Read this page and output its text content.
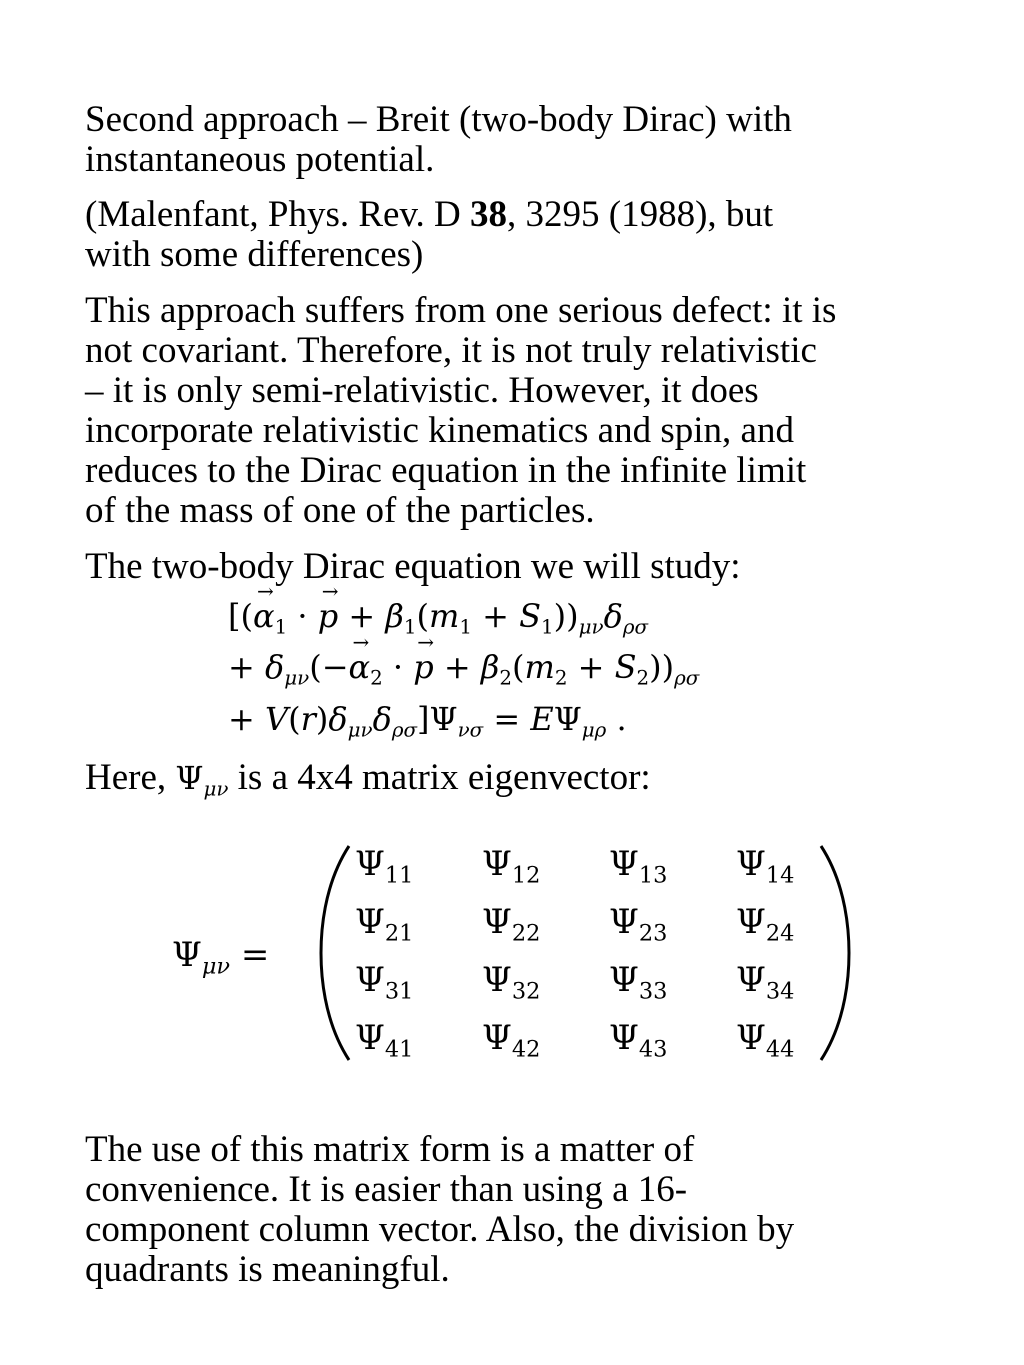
Second approach – Breit (two-body Dirac) with
instantaneous potential.

(Malenfant, Phys. Rev. D 38, 3295 (1988), but
with some differences)

This approach suffers from one serious defect: it is
not covariant. Therefore, it is not truly relativistic
– it is only semi-relativistic. However, it does
incorporate relativistic kinematics and spin, and
reduces to the Dirac equation in the infinite limit
of the mass of one of the particles.

The two-body Dirac equation we will study:

[(→ $\alpha_1$ · → $p + \beta_1(m_1 + S_1))_{\mu\nu}\delta_{\rho\sigma}$
+ $\delta_{\mu\nu}(-\to \alpha_2$ · → $p + \beta_2(m_2 + S_2))_{\rho\sigma}$
+ $V(r)\delta_{\mu\nu}\delta_{\rho\sigma}]\Psi_{\nu\sigma} = E\Psi_{\mu\rho}$ .

Here, $\Psi_{\mu\nu}$ is a 4x4 matrix eigenvector:

$\Psi_{\mu\nu}$ =
$\Psi_{11}$	$\Psi_{12}$	$\Psi_{13}$	$\Psi_{14}$
$\Psi_{21}$	$\Psi_{22}$	$\Psi_{23}$	$\Psi_{24}$
$\Psi_{31}$	$\Psi_{32}$	$\Psi_{33}$	$\Psi_{34}$
$\Psi_{41}$	$\Psi_{42}$	$\Psi_{43}$	$\Psi_{44}$

The use of this matrix form is a matter of
convenience. It is easier than using a 16-
component column vector. Also, the division by
quadrants is meaningful.
